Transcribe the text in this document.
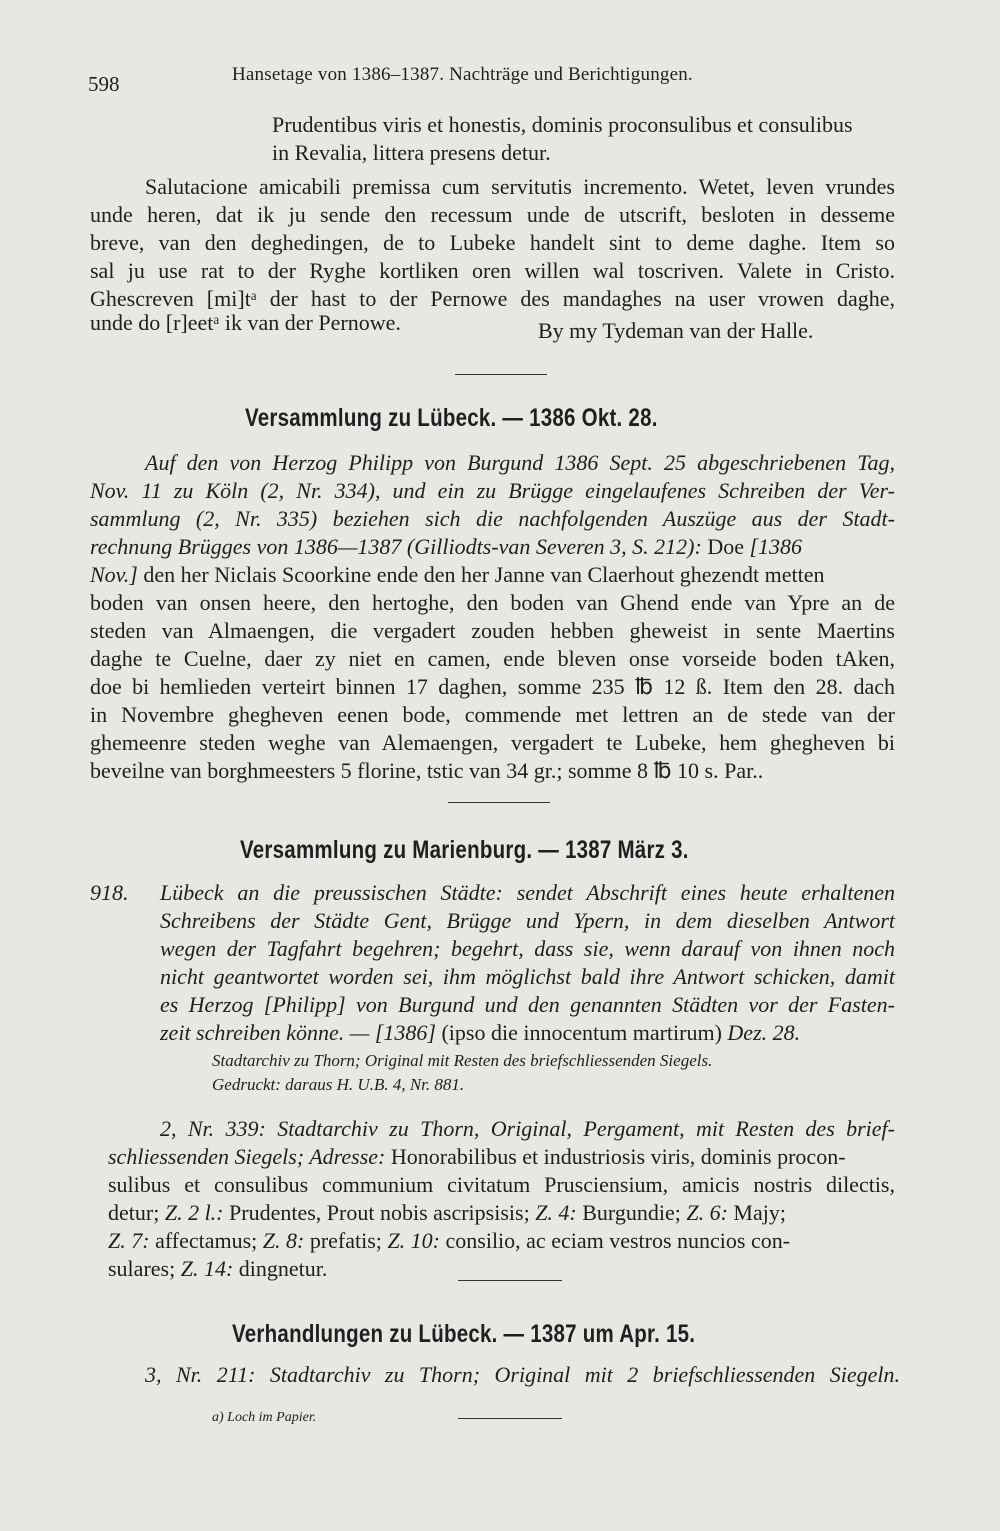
598	Hansetage von 1386–1387. Nachträge und Berichtigungen.
Prudentibus viris et honestis, dominis proconsulibus et consulibus
in Revalia, littera presens detur.
Salutacione amicabili premissa cum servitutis incremento. Wetet, leven vrundes
unde heren, dat ik ju sende den recessum unde de utscrift, besloten in desseme
breve, van den deghedingen, de to Lubeke handelt sint to deme daghe. Item so
sal ju use rat to der Ryghe kortliken oren willen wal toscriven. Valete in Cristo.
Ghescreven [mi]tᵃ der hast to der Pernowe des mandaghes na user vrowen daghe,
unde do [r]eetᵃ ik van der Pernowe.	By my Tydeman van der Halle.
Versammlung zu Lübeck. — 1386 Okt. 28.
Auf den von Herzog Philipp von Burgund 1386 Sept. 25 abgeschriebenen Tag,
Nov. 11 zu Köln (2, Nr. 334), und ein zu Brügge eingelaufenes Schreiben der Ver-
sammlung (2, Nr. 335) beziehen sich die nachfolgenden Auszüge aus der Stadt-
rechnung Brügges von 1386—1387 (Gilliodts-van Severen 3, S. 212): Doe [1386
Nov.] den her Niclais Scoorkine ende den her Janne van Claerhout ghezendt metten
boden van onsen heere, den hertoghe, den boden van Ghend ende van Ypre an de
steden van Almaengen, die vergadert zouden hebben gheweist in sente Maertins
daghe te Cuelne, daer zy niet en camen, ende bleven onse vorseide boden tAken,
doe bi hemlieden verteirt binnen 17 daghen, somme 235 ℔ 12 ß. Item den 28. dach
in Novembre ghegheven eenen bode, commende met lettren an de stede van der
ghemeenre steden weghe van Alemaengen, vergadert te Lubeke, hem ghegheven bi
beveilne van borghmeesters 5 florine, tstic van 34 gr.; somme 8 ℔ 10 s. Par..
Versammlung zu Marienburg. — 1387 März 3.
918. Lübeck an die preussischen Städte: sendet Abschrift eines heute erhaltenen
Schreibens der Städte Gent, Brügge und Ypern, in dem dieselben Antwort
wegen der Tagfahrt begehren; begehrt, dass sie, wenn darauf von ihnen noch
nicht geantwortet worden sei, ihm möglichst bald ihre Antwort schicken, damit
es Herzog [Philipp] von Burgund und den genannten Städten vor der Fasten-
zeit schreiben könne. — [1386] (ipso die innocentum martirum) Dez. 28.
Stadtarchiv zu Thorn; Original mit Resten des briefschliessenden Siegels.
Gedruckt: daraus H. U.B. 4, Nr. 881.
2, Nr. 339: Stadtarchiv zu Thorn, Original, Pergament, mit Resten des brief-
schliessenden Siegels; Adresse: Honorabilibus et industriosis viris, dominis procon-
sulibus et consulibus communium civitatum Prusciensium, amicis nostris dilectis,
detur; Z. 2 l.: Prudentes, Prout nobis ascripsisis; Z. 4: Burgundie; Z. 6: Majy;
Z. 7: affectamus; Z. 8: prefatis; Z. 10: consilio, ac eciam vestros nuncios con-
sulares; Z. 14: dingnetur.
Verhandlungen zu Lübeck. — 1387 um Apr. 15.
3, Nr. 211: Stadtarchiv zu Thorn; Original mit 2 briefschliessenden Siegeln.
a) Loch im Papier.
